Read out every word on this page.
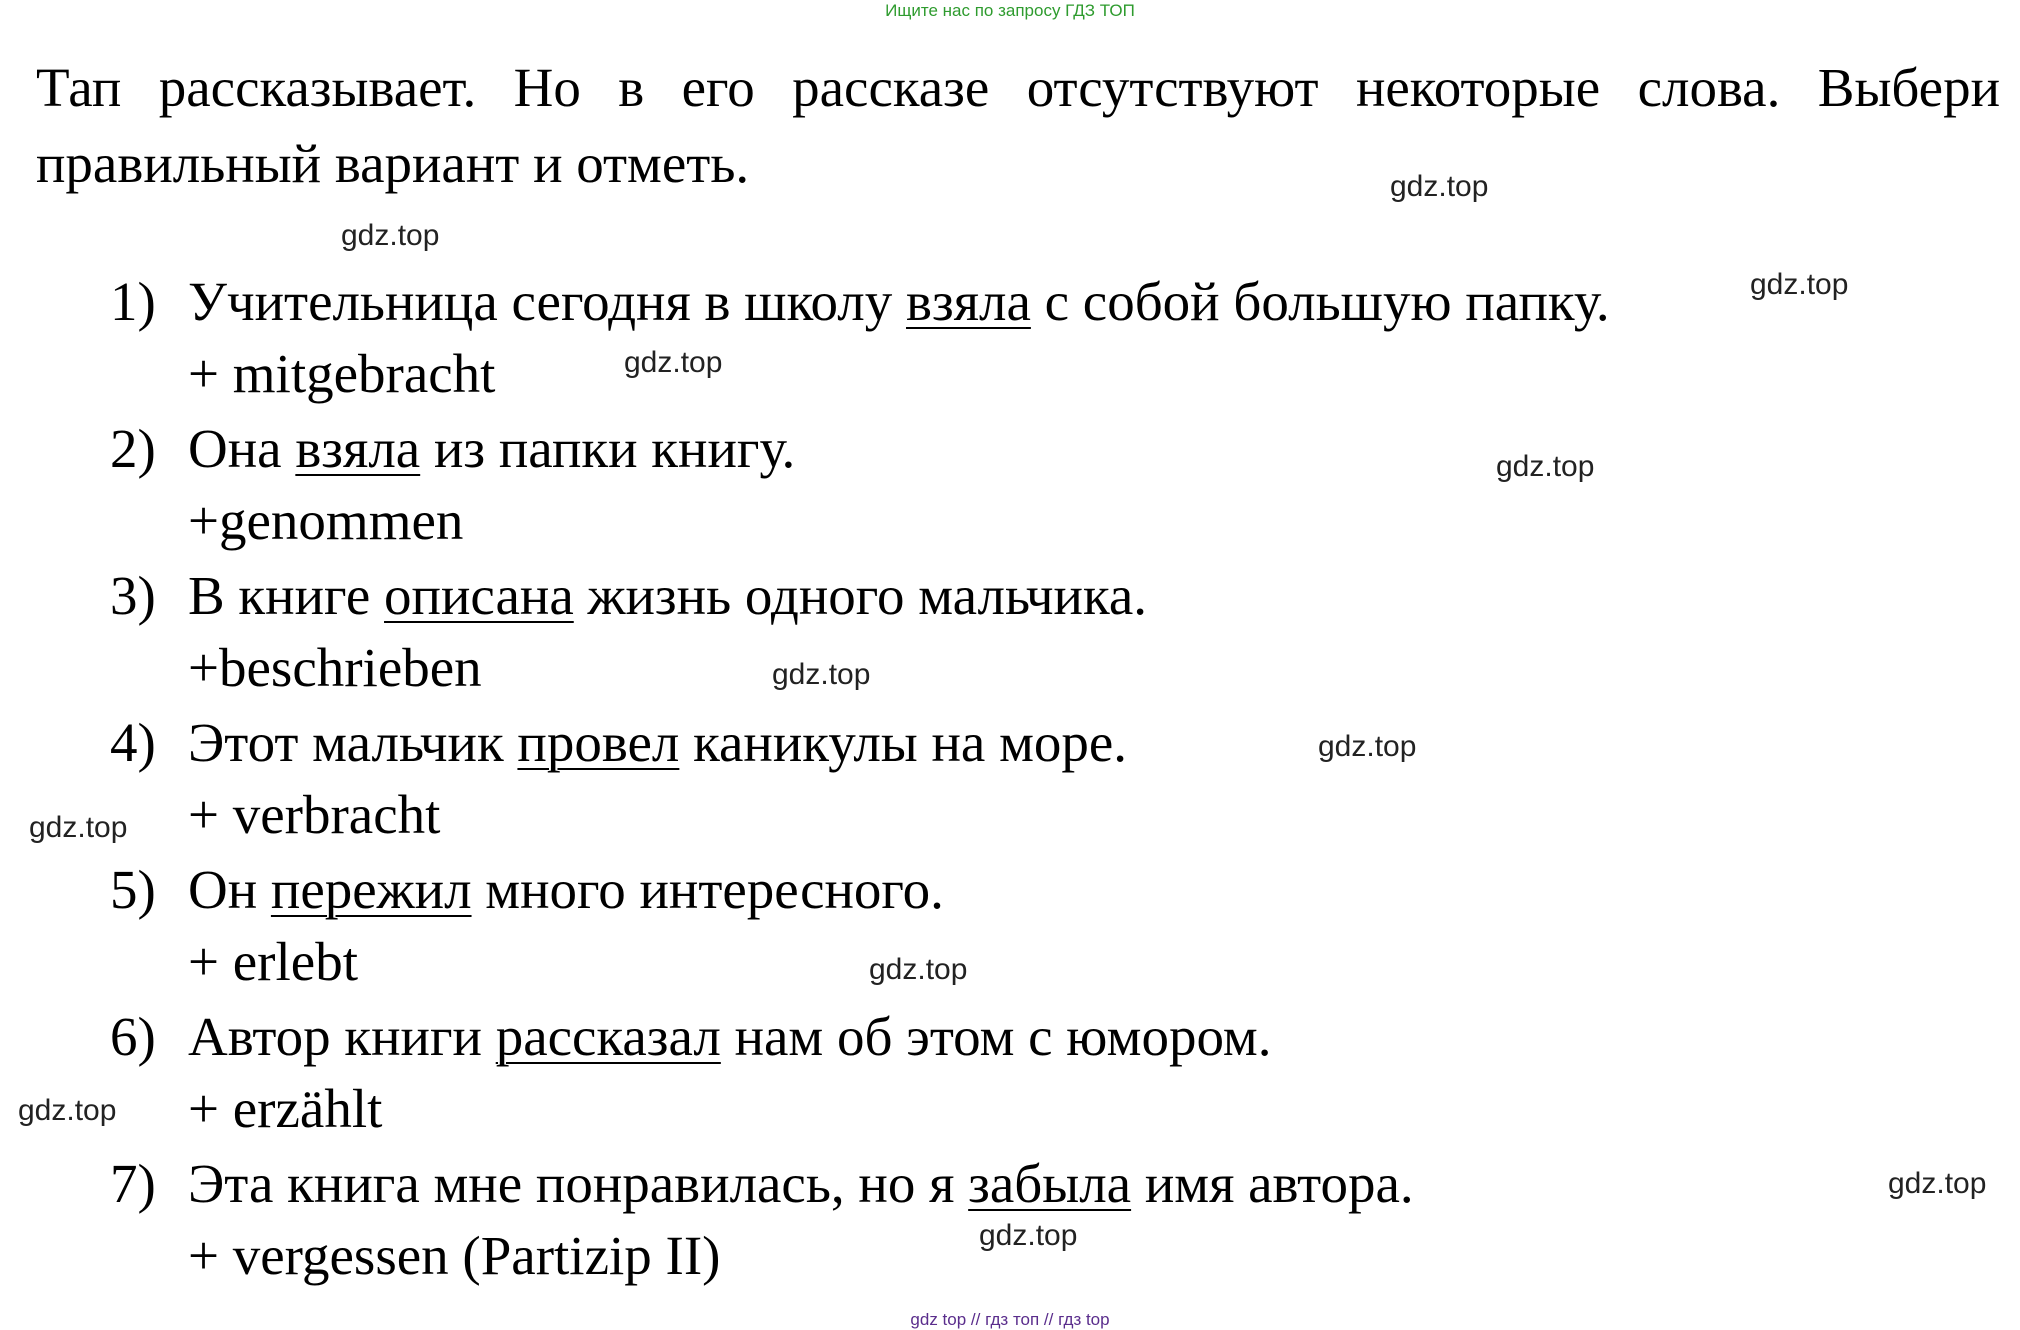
Ищите нас по запросу ГДЗ ТОП
Тап рассказывает. Но в его рассказе отсутствуют некоторые слова. Выбери правильный вариант и отметь.
1) Учительница сегодня в школу взяла с собой большую папку.
+ mitgebracht
2) Она взяла из папки книгу.
+genommen
3) В книге описана жизнь одного мальчика.
+beschrieben
4) Этот мальчик провел каникулы на море.
+ verbracht
5) Он пережил много интересного.
+ erlebt
6) Автор книги рассказал нам об этом с юмором.
+ erzählt
7) Эта книга мне понравилась, но я забыла имя автора.
+ vergessen (Partizip II)
gdz.top
gdz.top
gdz.top
gdz.top
gdz.top
gdz.top
gdz.top
gdz.top
gdz.top
gdz.top
gdz.top
gdz.top
gdz top // гдз топ // гдз top
